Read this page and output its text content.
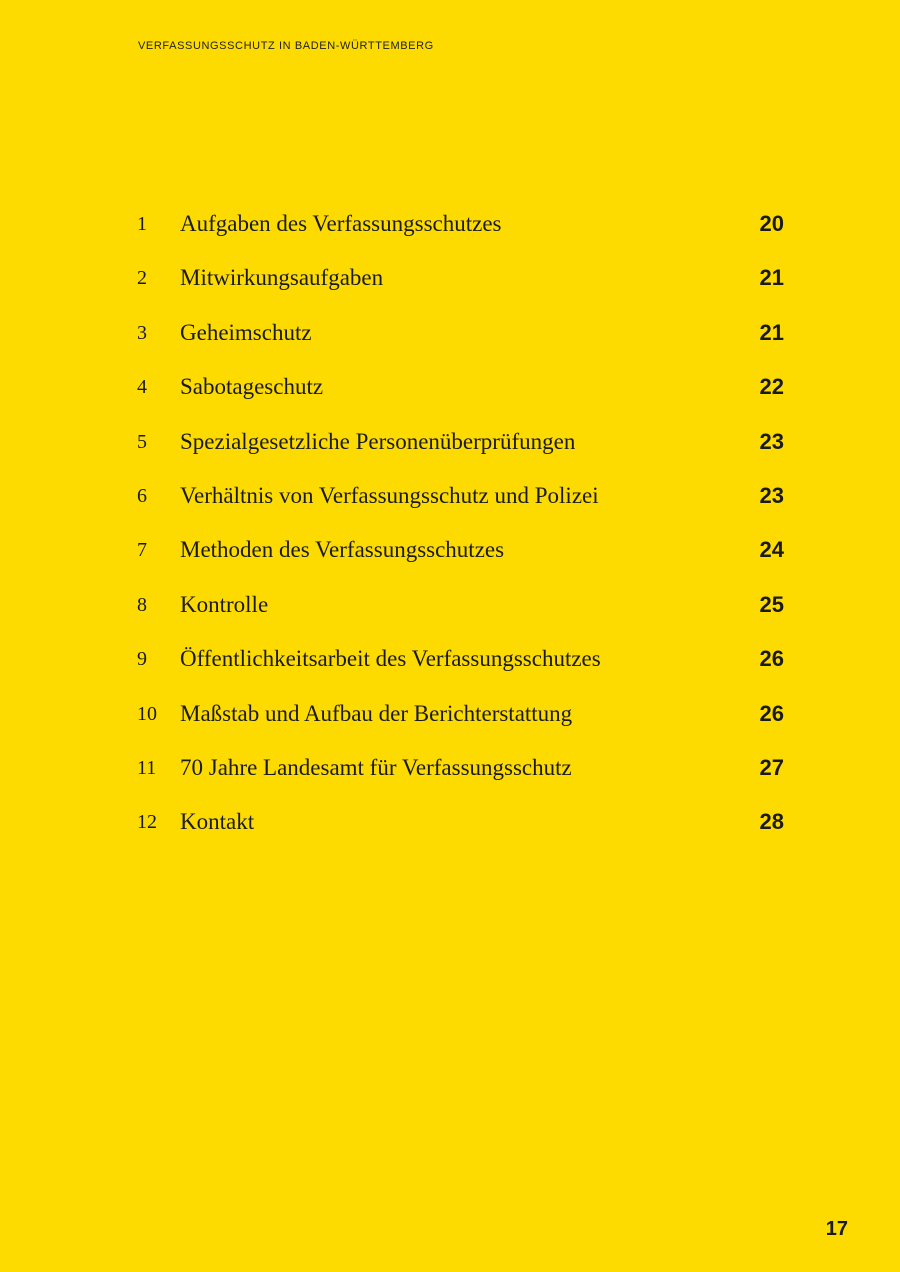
VERFASSUNGSSCHUTZ IN BADEN-WÜRTTEMBERG
1 Aufgaben des Verfassungsschutzes	20
2 Mitwirkungsaufgaben	21
3 Geheimschutz	21
4 Sabotageschutz	22
5 Spezialgesetzliche Personenüberprüfungen	23
6 Verhältnis von Verfassungsschutz und Polizei	23
7 Methoden des Verfassungsschutzes	24
8 Kontrolle	25
9 Öffentlichkeitsarbeit des Verfassungsschutzes	26
10 Maßstab und Aufbau der Berichterstattung	26
11 70 Jahre Landesamt für Verfassungsschutz	27
12 Kontakt	28
17
